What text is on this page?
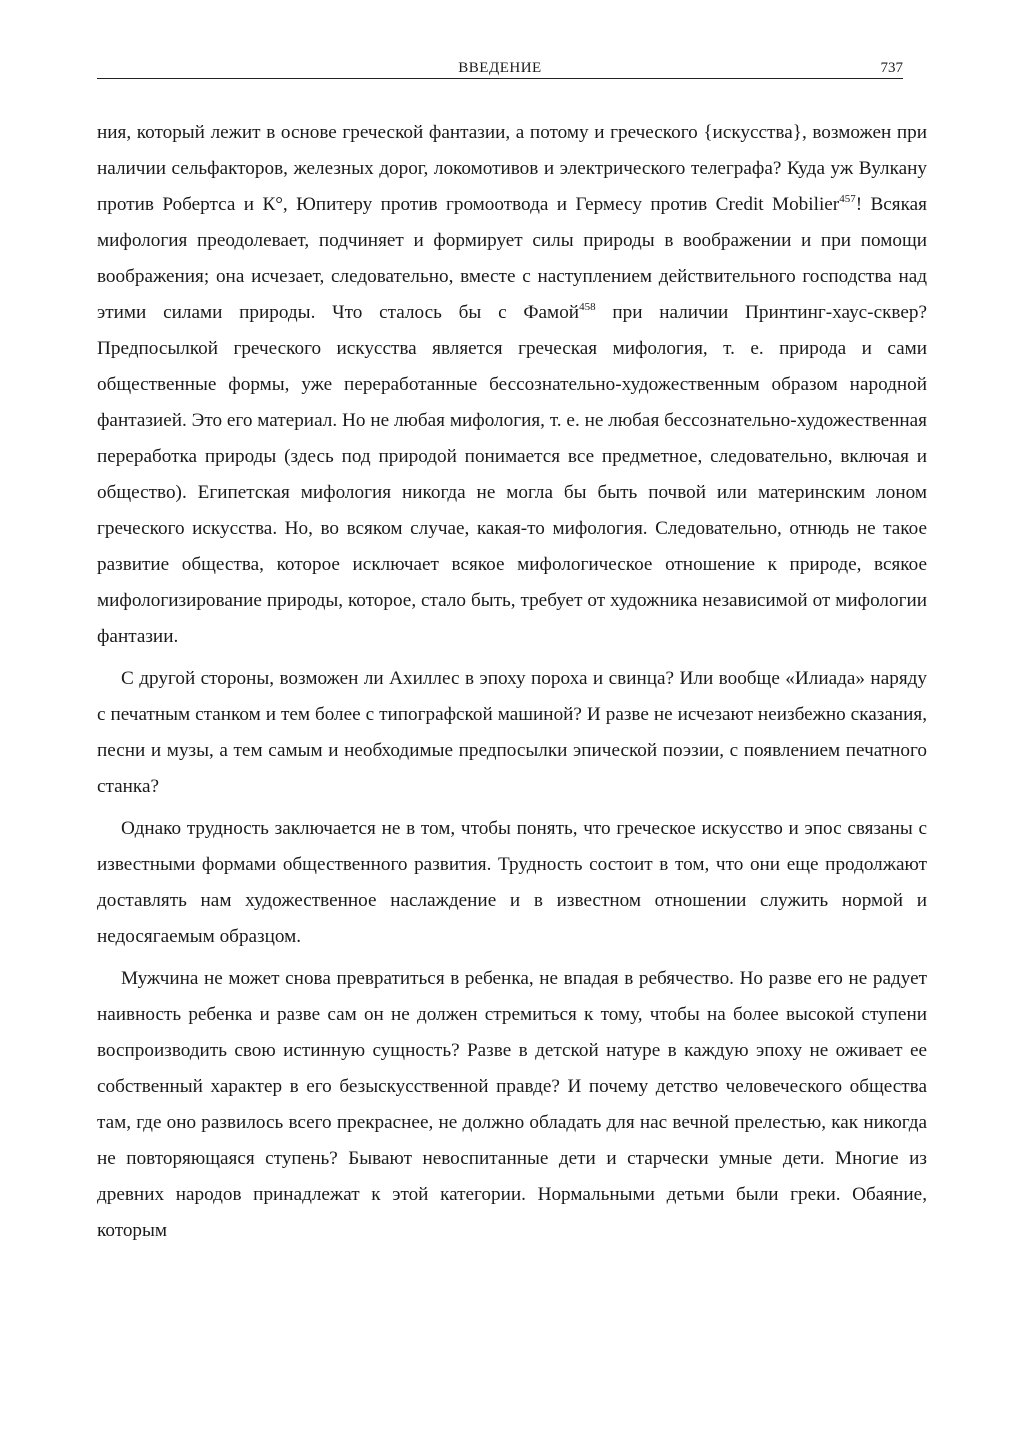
ВВЕДЕНИЕ	737

ния, который лежит в основе греческой фантазии, а потому и греческого {искусства}, возможен при наличии сельфакторов, железных дорог, локомотивов и электрического телеграфа? Куда уж Вулкану против Робертса и К°, Юпитеру против громоотвода и Гермесу против Credit Mobilier$^{457}$! Всякая мифология преодолевает, подчиняет и формирует силы природы в воображении и при помощи воображения; она исчезает, следовательно, вместе с наступлением действительного господства над этими силами природы. Что сталось бы с Фамой$^{458}$ при наличии Принтинг-хаус-сквер? Предпосылкой греческого искусства является греческая мифология, т. е. природа и сами общественные формы, уже переработанные бессознательно-художественным образом народной фантазией. Это его материал. Но не любая мифология, т. е. не любая бессознательно-художественная переработка природы (здесь под природой понимается все предметное, следовательно, включая и общество). Египетская мифология никогда не могла бы быть почвой или материнским лоном греческого искусства. Но, во всяком случае, какая-то мифология. Следовательно, отнюдь не такое развитие общества, которое исключает всякое мифологическое отношение к природе, всякое мифологизирование природы, которое, стало быть, требует от художника независимой от мифологии фантазии.

С другой стороны, возможен ли Ахиллес в эпоху пороха и свинца? Или вообще «Илиада» наряду с печатным станком и тем более с типографской машиной? И разве не исчезают неизбежно сказания, песни и музы, а тем самым и необходимые предпосылки эпической поэзии, с появлением печатного станка?

Однако трудность заключается не в том, чтобы понять, что греческое искусство и эпос связаны с известными формами общественного развития. Трудность состоит в том, что они еще продолжают доставлять нам художественное наслаждение и в известном отношении служить нормой и недосягаемым образцом.

Мужчина не может снова превратиться в ребенка, не впадая в ребячество. Но разве его не радует наивность ребенка и разве сам он не должен стремиться к тому, чтобы на более высокой ступени воспроизводить свою истинную сущность? Разве в детской натуре в каждую эпоху не оживает ее собственный характер в его безыскусственной правде? И почему детство человеческого общества там, где оно развилось всего прекраснее, не должно обладать для нас вечной прелестью, как никогда не повторяющаяся ступень? Бывают невоспитанные дети и старчески умные дети. Многие из древних народов принадлежат к этой категории. Нормальными детьми были греки. Обаяние, которым
